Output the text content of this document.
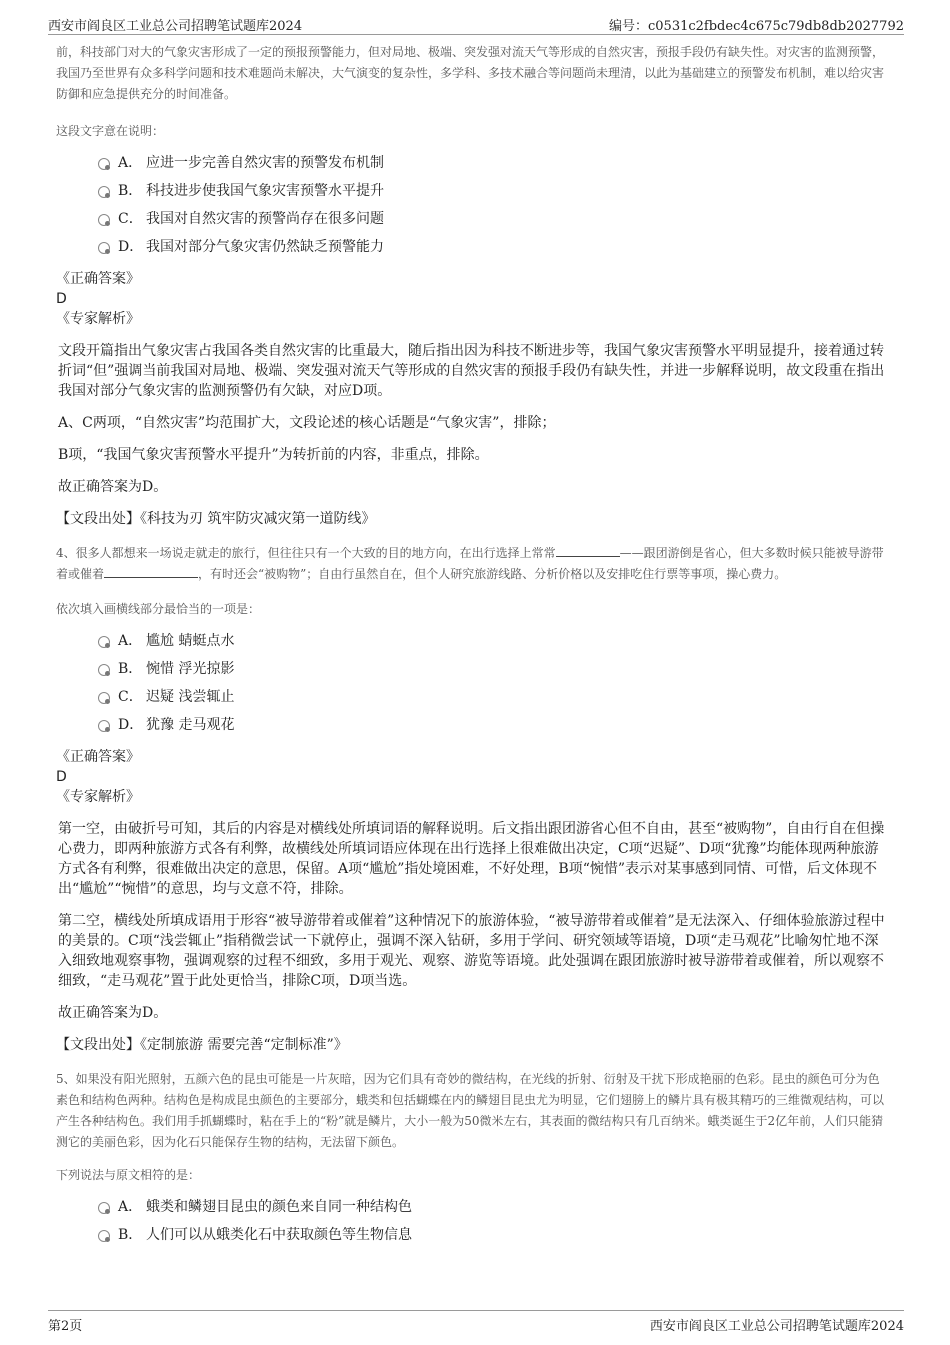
西安市阎良区工业总公司招聘笔试题库2024	编号：c0531c2fbdec4c675c79db8db2027792

前，科技部门对大的气象灾害形成了一定的预报预警能力，但对局地、极端、突发强对流天气等形成的自然灾害，预报手段仍有缺失性。对灾害的监测预警，我国乃至世界有众多科学问题和技术难题尚未解决，大气演变的复杂性，多学科、多技术融合等问题尚未理清，以此为基础建立的预警发布机制，难以给灾害防御和应急提供充分的时间准备。

这段文字意在说明：

A． 应进一步完善自然灾害的预警发布机制
B． 科技进步使我国气象灾害预警水平提升
C． 我国对自然灾害的预警尚存在很多问题
D． 我国对部分气象灾害仍然缺乏预警能力

《正确答案》

D

《专家解析》

文段开篇指出气象灾害占我国各类自然灾害的比重最大，随后指出因为科技不断进步等，我国气象灾害预警水平明显提升，接着通过转折词“但”强调当前我国对局地、极端、突发强对流天气等形成的自然灾害的预报手段仍有缺失性，并进一步解释说明，故文段重在指出我国对部分气象灾害的监测预警仍有欠缺，对应D项。

A、C两项，“自然灾害”均范围扩大，文段论述的核心话题是“气象灾害”，排除；

B项，“我国气象灾害预警水平提升”为转折前的内容，非重点，排除。

故正确答案为D。

【文段出处】《科技为刃 筑牢防灾减灾第一道防线》

4、很多人都想来一场说走就走的旅行，但往往只有一个大致的目的地方向，在出行选择上常常	——跟团游倒是省心，但大多数时候只能被导游带着或催着	，有时还会“被购物”；自由行虽然自在，但个人研究旅游线路、分析价格以及安排吃住行票等事项，操心费力。

依次填入画横线部分最恰当的一项是：

A． 尴尬 蜻蜓点水
B． 惋惜 浮光掠影
C． 迟疑 浅尝辄止
D． 犹豫 走马观花

《正确答案》

D

《专家解析》

第一空，由破折号可知，其后的内容是对横线处所填词语的解释说明。后文指出跟团游省心但不自由，甚至“被购物”，自由行自在但操心费力，即两种旅游方式各有利弊，故横线处所填词语应体现在出行选择上很难做出决定，C项“迟疑”、D项“犹豫”均能体现两种旅游方式各有利弊，很难做出决定的意思，保留。A项“尴尬”指处境困难，不好处理，B项“惋惜”表示对某事感到同情、可惜，后文体现不出“尴尬”“惋惜”的意思，均与文意不符，排除。

第二空，横线处所填成语用于形容“被导游带着或催着”这种情况下的旅游体验，“被导游带着或催着”是无法深入、仔细体验旅游过程中的美景的。C项“浅尝辄止”指稍微尝试一下就停止，强调不深入钻研，多用于学问、研究领域等语境，D项“走马观花”比喻匆忙地不深入细致地观察事物，强调观察的过程不细致，多用于观光、观察、游览等语境。此处强调在跟团旅游时被导游带着或催着，所以观察不细致，“走马观花”置于此处更恰当，排除C项，D项当选。

故正确答案为D。

【文段出处】《定制旅游 需要完善“定制标准”》

5、如果没有阳光照射，五颜六色的昆虫可能是一片灰暗，因为它们具有奇妙的微结构，在光线的折射、衍射及干扰下形成艳丽的色彩。昆虫的颜色可分为色素色和结构色两种。结构色是构成昆虫颜色的主要部分，蛾类和包括蝴蝶在内的鳞翅目昆虫尤为明显，它们翅膀上的鳞片具有极其精巧的三维微观结构，可以产生各种结构色。我们用手抓蝴蝶时，粘在手上的“粉”就是鳞片，大小一般为50微米左右，其表面的微结构只有几百纳米。蛾类诞生于2亿年前，人们只能猜测它的美丽色彩，因为化石只能保存生物的结构，无法留下颜色。

下列说法与原文相符的是：

A． 蛾类和鳞翅目昆虫的颜色来自同一种结构色
B． 人们可以从蛾类化石中获取颜色等生物信息
第2页	西安市阎良区工业总公司招聘笔试题库2024
